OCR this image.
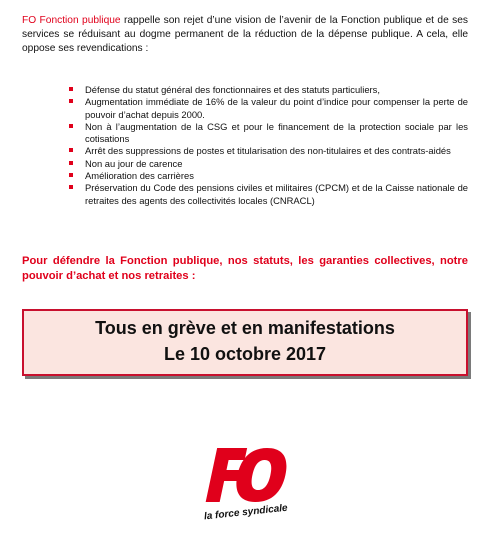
FO Fonction publique rappelle son rejet d’une vision de l’avenir de la Fonction publique et de ses services se réduisant au dogme permanent de la réduction de la dépense publique. A cela, elle oppose ses revendications :
Défense du statut général des fonctionnaires et des statuts particuliers,
Augmentation immédiate de 16% de la valeur du point d’indice pour compenser la perte de pouvoir d’achat depuis 2000.
Non à l’augmentation de la CSG et pour le financement de la protection sociale par les cotisations
Arrêt des suppressions de postes et titularisation des non-titulaires et des contrats-aidés
Non au jour de carence
Amélioration des carrières
Préservation du Code des pensions civiles et militaires (CPCM) et de la Caisse nationale de retraites des agents des collectivités locales (CNRACL)
Pour défendre la Fonction publique, nos statuts, les garanties collectives, notre pouvoir d’achat et nos retraites :
Tous en grève et en manifestations
Le 10 octobre 2017
la force syndicale
